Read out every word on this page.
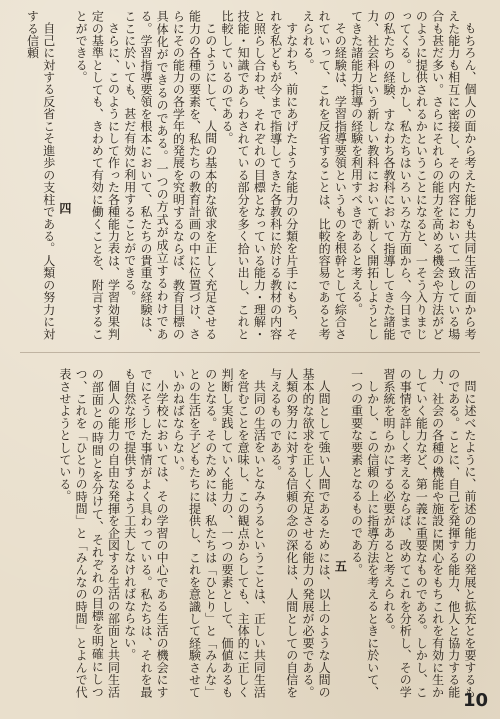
もちろん、個人の面から考えた能力も共同生活の面から考えた能力も相互に密接し、その内容において一致している場合も甚だ多い。さらにそれらの能力を高める機会や方法がどのように提供されるかということになると、一そう入りまじってくる。しかし、私たちはいろいろな方面から、今日までの私たちの経験、すなわち各教科において指導してきた諸能力、社会科という新しい教科において新しく開拓しようとしてきた諸能力指導の経験を利用すべきであると考える。

その経験は、学習指導要領というものを根幹として綜合されていって、これを反省することは、比較的容易であると考えられる。

すなわち、前にあげたような能力の分類を片手にもち、それを私どもが今まで指導してきた各教科に於ける教材の内容と照らし合わせ、それぞれの目標となっている能力・理解・技能・知識であらわされている部分を多く拾い出し、これと比較しているのである。

このようにして、人間の基本的な欲求を正しく充足させる能力の各種の要素を、私たちの教育計画の中に位置づけ、さらにその能力の各学年的発展を究明するならば、教育目標の具体化ができるのである。一つの方式が成立するわけである。学習指導要領を根本において、私たちの貴重な経験は、ここに於いても、甚だ有効に利用することができる。

さらに、このようにして作った各種能力表は、学習効果判定の基準としても、きわめて有効に働くことを、附言することができる。

四

自己に対する反省こそ進歩の支柱である。人類の努力に対する信頼

問に述べたように、前述の能力の発展と拡充とを要するものである。ことに、自己を発揮する能力、他人と協力する能力、社会の各種の機能や施設に関心をもちこれを有効に生かしていく能力など、第一義に重要なものである。しかし、この事情を詳しく考えるならば、改めてこれを分析し、その学習系統を明らかにする必要があると考えられる。

しかし、この信頼の上に指導方法を考えるときに於いて、一つの重要な要素となるものである。

五

人間として強い人間であるためには、以上のような人間の基本的な欲求を正しく充足させる能力の発展が必要である。人類の努力に対する信頼の念の深化は、人間としての自信を与えるものである。

共同の生活をいとなみうるということは、正しい共同生活を営むことを意味し、この観点からしても、主体的に正しく判断し実践していく能力の、一つの要素として、価値あるものとなる。そのためには、私たちは「ひとり」と「みんな」との生活を子どもたちに提供し、これを意識して経験させていかねばならない。

小学校においては、その学習の中心である生活の機会にすでにそうした事情がよく具わっている。私たちは、それを最も自然な形で提供するよう工夫しなければならない。

個人の能力の自由な発揮を企図する生活の部面と共同生活の部面との時間とを分けて、それぞれの目標を明確にしつつ、これを「ひとりの時間」と「みんなの時間」とよんで代表させようとしている。

10
